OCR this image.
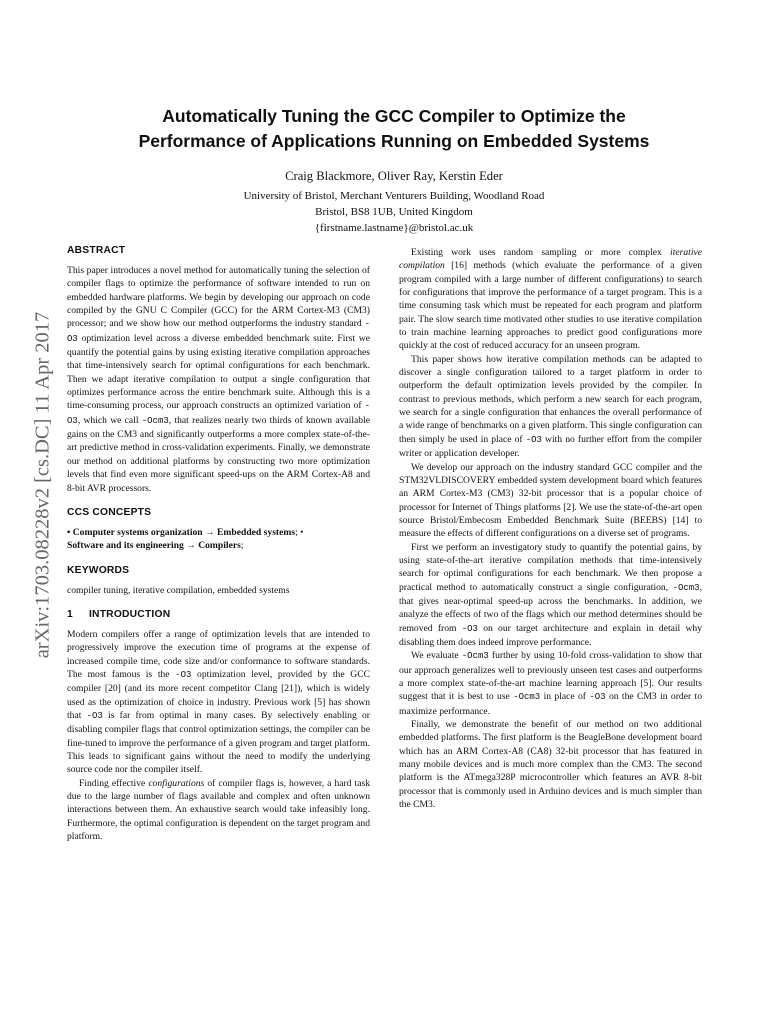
arXiv:1703.08228v2 [cs.DC] 11 Apr 2017
Automatically Tuning the GCC Compiler to Optimize the
Performance of Applications Running on Embedded Systems

Craig Blackmore, Oliver Ray, Kerstin Eder

University of Bristol, Merchant Venturers Building, Woodland Road
Bristol, BS8 1UB, United Kingdom
{firstname.lastname}@bristol.ac.uk
ABSTRACT

This paper introduces a novel method for automatically tuning the selection of compiler flags to optimize the performance of software intended to run on embedded hardware platforms. We begin by developing our approach on code compiled by the GNU C Compiler (GCC) for the ARM Cortex-M3 (CM3) processor; and we show how our method outperforms the industry standard -O3 optimization level across a diverse embedded benchmark suite. First we quantify the potential gains by using existing iterative compilation approaches that time-intensively search for optimal configurations for each benchmark. Then we adapt iterative compilation to output a single configuration that optimizes performance across the entire benchmark suite. Although this is a time-consuming process, our approach constructs an optimized variation of -O3, which we call -Ocm3, that realizes nearly two thirds of known available gains on the CM3 and significantly outperforms a more complex state-of-the-art predictive method in cross-validation experiments. Finally, we demonstrate our method on additional platforms by constructing two more optimization levels that find even more significant speed-ups on the ARM Cortex-A8 and 8-bit AVR processors.

CCS CONCEPTS

• Computer systems organization → Embedded systems; •
Software and its engineering → Compilers;

KEYWORDS

compiler tuning, iterative compilation, embedded systems

1 INTRODUCTION

Modern compilers offer a range of optimization levels that are intended to progressively improve the execution time of programs at the expense of increased compile time, code size and/or conformance to software standards. The most famous is the -O3 optimization level, provided by the GCC compiler [20] (and its more recent competitor Clang [21]), which is widely used as the optimization of choice in industry. Previous work [5] has shown that -O3 is far from optimal in many cases. By selectively enabling or disabling compiler flags that control optimization settings, the compiler can be fine-tuned to improve the performance of a given program and target platform. This leads to significant gains without the need to modify the underlying source code nor the compiler itself.

Finding effective configurations of compiler flags is, however, a hard task due to the large number of flags available and complex and often unknown interactions between them. An exhaustive search would take infeasibly long. Furthermore, the optimal configuration is dependent on the target program and platform.

Existing work uses random sampling or more complex iterative compilation [16] methods (which evaluate the performance of a given program compiled with a large number of different configurations) to search for configurations that improve the performance of a target program. This is a time consuming task which must be repeated for each program and platform pair. The slow search time motivated other studies to use iterative compilation to train machine learning approaches to predict good configurations more quickly at the cost of reduced accuracy for an unseen program.

This paper shows how iterative compilation methods can be adapted to discover a single configuration tailored to a target platform in order to outperform the default optimization levels provided by the compiler. In contrast to previous methods, which perform a new search for each program, we search for a single configuration that enhances the overall performance of a wide range of benchmarks on a given platform. This single configuration can then simply be used in place of -O3 with no further effort from the compiler writer or application developer.

We develop our approach on the industry standard GCC compiler and the STM32VLDISCOVERY embedded system development board which features an ARM Cortex-M3 (CM3) 32-bit processor that is a popular choice of processor for Internet of Things platforms [2]. We use the state-of-the-art open source Bristol/Embecosm Embedded Benchmark Suite (BEEBS) [14] to measure the effects of different configurations on a diverse set of programs.

First we perform an investigatory study to quantify the potential gains, by using state-of-the-art iterative compilation methods that time-intensively search for optimal configurations for each benchmark. We then propose a practical method to automatically construct a single configuration, -Ocm3, that gives near-optimal speed-up across the benchmarks. In addition, we analyze the effects of two of the flags which our method determines should be removed from -O3 on our target architecture and explain in detail why disabling them does indeed improve performance.

We evaluate -Ocm3 further by using 10-fold cross-validation to show that our approach generalizes well to previously unseen test cases and outperforms a more complex state-of-the-art machine learning approach [5]. Our results suggest that it is best to use -Ocm3 in place of -O3 on the CM3 in order to maximize performance.

Finally, we demonstrate the benefit of our method on two additional embedded platforms. The first platform is the BeagleBone development board which has an ARM Cortex-A8 (CA8) 32-bit processor that has featured in many mobile devices and is much more complex than the CM3. The second platform is the ATmega328P microcontroller which features an AVR 8-bit processor that is commonly used in Arduino devices and is much simpler than the CM3.
